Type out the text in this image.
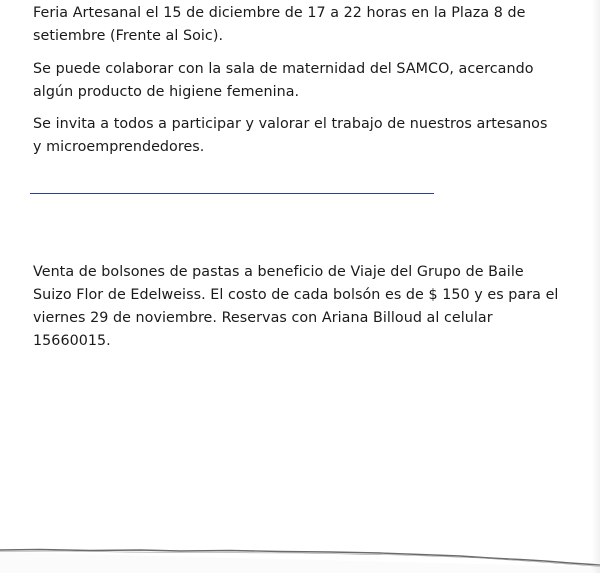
Feria Artesanal el 15 de diciembre de 17 a 22 horas en la Plaza 8 de setiembre (Frente al Soic).

Se puede colaborar con la sala de maternidad del SAMCO, acercando algún producto de higiene femenina.

Se invita a todos a participar y valorar el trabajo de nuestros artesanos y microemprendedores.

Venta de bolsones de pastas a beneficio de Viaje del Grupo de Baile Suizo Flor de Edelweiss. El costo de cada bolsón es de $ 150 y es para el viernes 29 de noviembre. Reservas con Ariana Billoud al celular 15660015.
